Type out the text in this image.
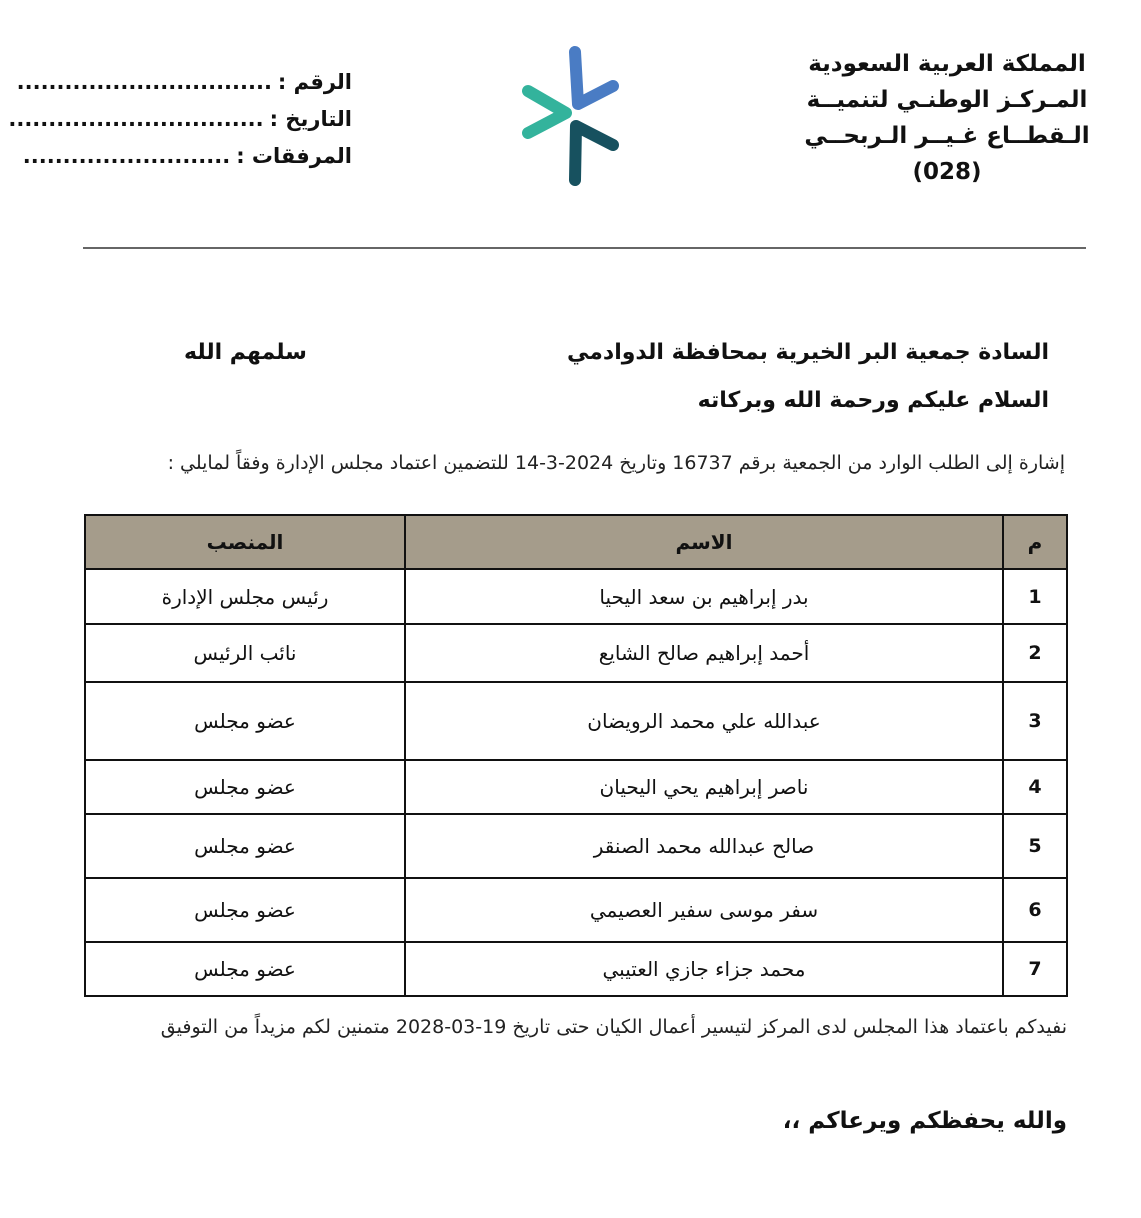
المملكة العربية السعودية
المـركـز الوطنـي لتنميــة
الـقطــاع غـيــر الـربحــي
(028)
الرقم :
................................
التاريخ :
................................
المرفقات :
..........................
السادة جمعية البر الخيرية بمحافظة الدوادمي
سلمهم الله
السلام عليكم ورحمة الله وبركاته
إشارة إلى الطلب الوارد من الجمعية برقم 16737 وتاريخ 2024-3-14 للتضمين اعتماد مجلس الإدارة وفقاً لمايلي :
م	الاسم	المنصب
1	بدر إبراهيم بن سعد اليحيا	رئيس مجلس الإدارة
2	أحمد إبراهيم صالح الشايع	نائب الرئيس
3	عبدالله علي محمد الرويضان	عضو مجلس
4	ناصر إبراهيم يحي اليحيان	عضو مجلس
5	صالح عبدالله محمد الصنقر	عضو مجلس
6	سفر موسى سفير العصيمي	عضو مجلس
7	محمد جزاء جازي العتيبي	عضو مجلس
نفيدكم باعتماد هذا المجلس لدى المركز لتيسير أعمال الكيان حتى تاريخ 19-03-2028 متمنين لكم مزيداً من التوفيق
والله يحفظكم ويرعاكم ،،
